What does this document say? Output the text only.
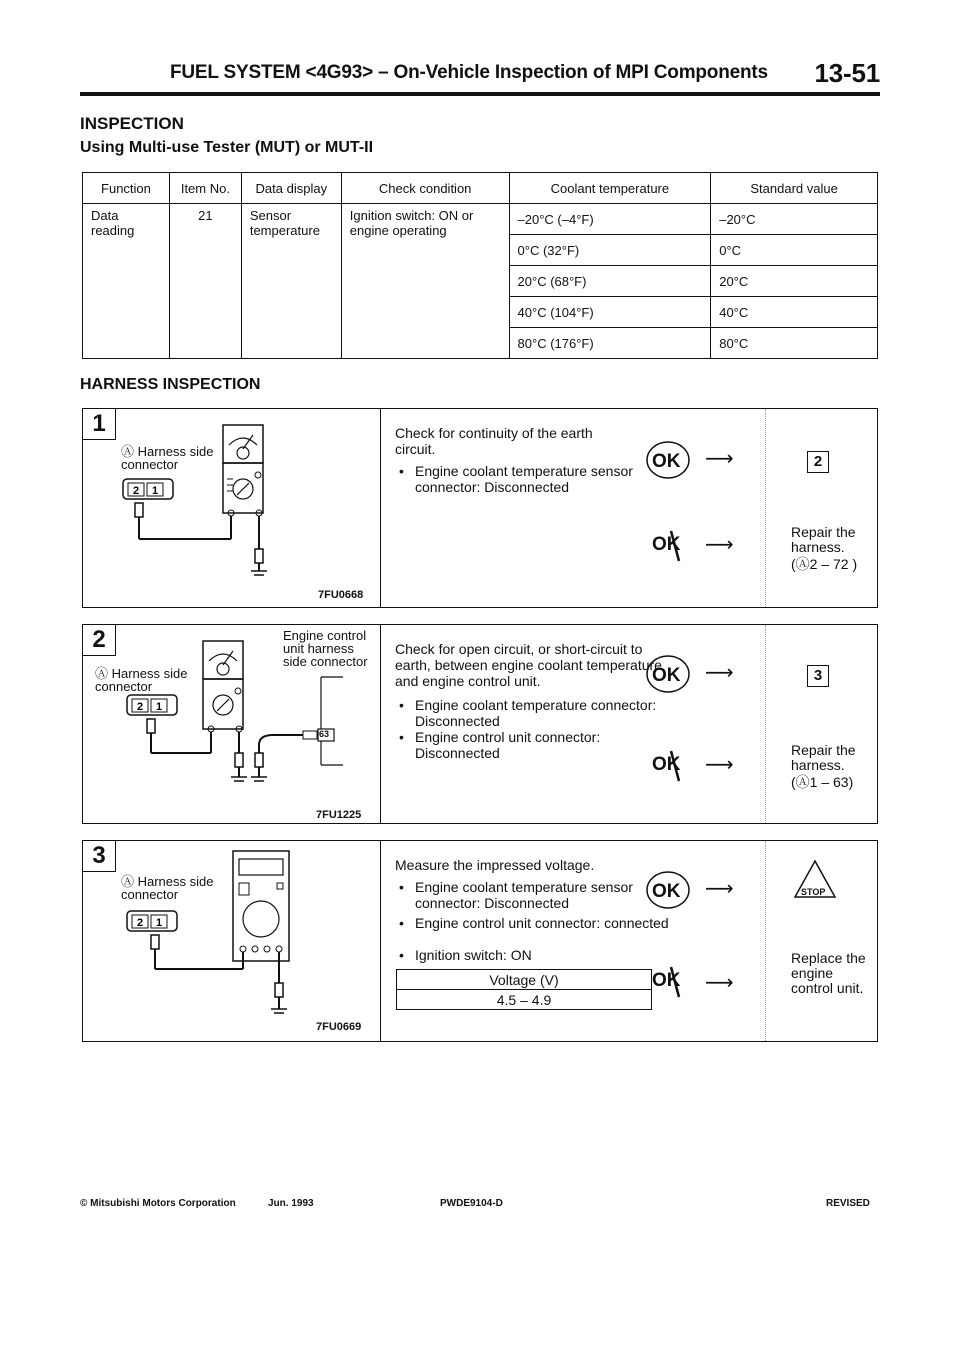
FUEL SYSTEM <4G93> – On-Vehicle Inspection of MPI Components 13-51
INSPECTION
Using Multi-use Tester (MUT) or MUT-II
Function	Item No.	Data display	Check condition	Coolant temperature	Standard value
Data reading	21	Sensor temperature	Ignition switch: ON or engine operating	–20°C (–4°F)	–20°C
				0°C (32°F)	0°C
				20°C (68°F)	20°C
				40°C (104°F)	40°C
				80°C (176°F)	80°C
HARNESS INSPECTION
1
2 1
Ⓐ Harness side connector
7FU0668
Check for continuity of the earth circuit.
• Engine coolant temperature sensor connector: Disconnected
OK ⟶	2
OK ⟶
Repair the harness.
(Ⓐ2 – 72 )
2
2 1
63
Ⓐ Harness side connector
Engine control unit harness side connector
7FU1225
Check for open circuit, or short-circuit to earth, between engine coolant temperature and engine control unit.
• Engine coolant temperature connector: Disconnected
• Engine control unit connector: Disconnected
OK ⟶	3
OK ⟶
Repair the harness.
(Ⓐ1 – 63)
3
2 1
Ⓐ Harness side connector
7FU0669
Measure the impressed voltage.
• Engine coolant temperature sensor connector: Disconnected
• Engine control unit connector: connected
• Ignition switch: ON
Voltage (V)
4.5 – 4.9
OK ⟶	STOP
OK ⟶
Replace the engine control unit.
© Mitsubishi Motors Corporation	Jun. 1993	PWDE9104-D	REVISED
